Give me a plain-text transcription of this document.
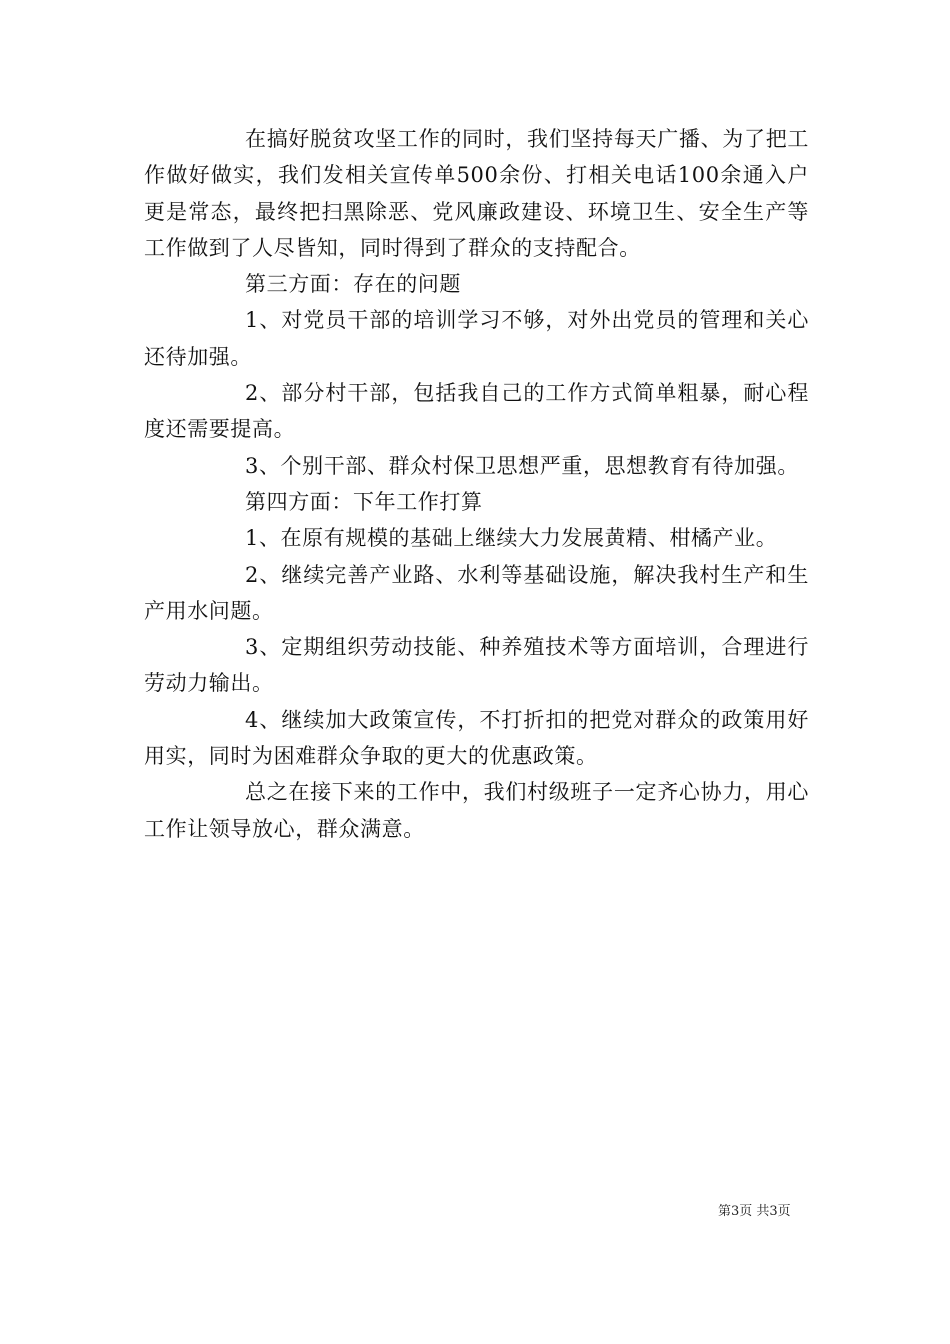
在搞好脱贫攻坚工作的同时，我们坚持每天广播、为了把工作做好做实，我们发相关宣传单500余份、打相关电话100余通入户更是常态，最终把扫黑除恶、党风廉政建设、环境卫生、安全生产等工作做到了人尽皆知，同时得到了群众的支持配合。

第三方面：存在的问题

1、对党员干部的培训学习不够，对外出党员的管理和关心还待加强。

2、部分村干部，包括我自己的工作方式简单粗暴，耐心程度还需要提高。

3、个别干部、群众村保卫思想严重，思想教育有待加强。

第四方面：下年工作打算

1、在原有规模的基础上继续大力发展黄精、柑橘产业。

2、继续完善产业路、水利等基础设施，解决我村生产和生产用水问题。

3、定期组织劳动技能、种养殖技术等方面培训，合理进行劳动力输出。

4、继续加大政策宣传，不打折扣的把党对群众的政策用好用实，同时为困难群众争取的更大的优惠政策。

总之在接下来的工作中，我们村级班子一定齐心协力，用心工作让领导放心，群众满意。

第3页 共3页
